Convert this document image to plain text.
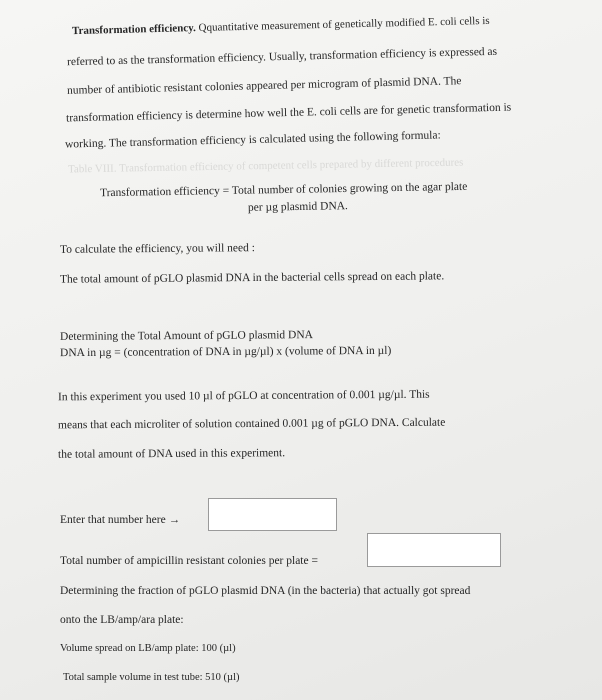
Table VIII. Transformation efficiency of competent cells prepared by different procedures
Transformation efficiency. Qquantitative measurement of genetically modified E. coli cells is
referred to as the transformation efficiency. Usually, transformation efficiency is expressed as
number of antibiotic resistant colonies appeared per microgram of plasmid DNA. The
transformation efficiency is determine how well the E. coli cells are for genetic transformation is
working. The transformation efficiency is calculated using the following formula:
Transformation efficiency = Total number of colonies growing on the agar plate
per µg plasmid DNA.
To calculate the efficiency, you will need :
The total amount of pGLO plasmid DNA in the bacterial cells spread on each plate.
Determining the Total Amount of pGLO plasmid DNA
DNA in µg = (concentration of DNA in µg/µl) x (volume of DNA in µl)
In this experiment you used 10 µl of pGLO at concentration of 0.001 µg/µl. This
means that each microliter of solution contained 0.001 µg of pGLO DNA. Calculate
the total amount of DNA used in this experiment.
Enter that number here →
Total number of ampicillin resistant colonies per plate =
Determining the fraction of pGLO plasmid DNA (in the bacteria) that actually got spread
onto the LB/amp/ara plate:
Volume spread on LB/amp plate: 100 (µl)
Total sample volume in test tube: 510 (µl)
